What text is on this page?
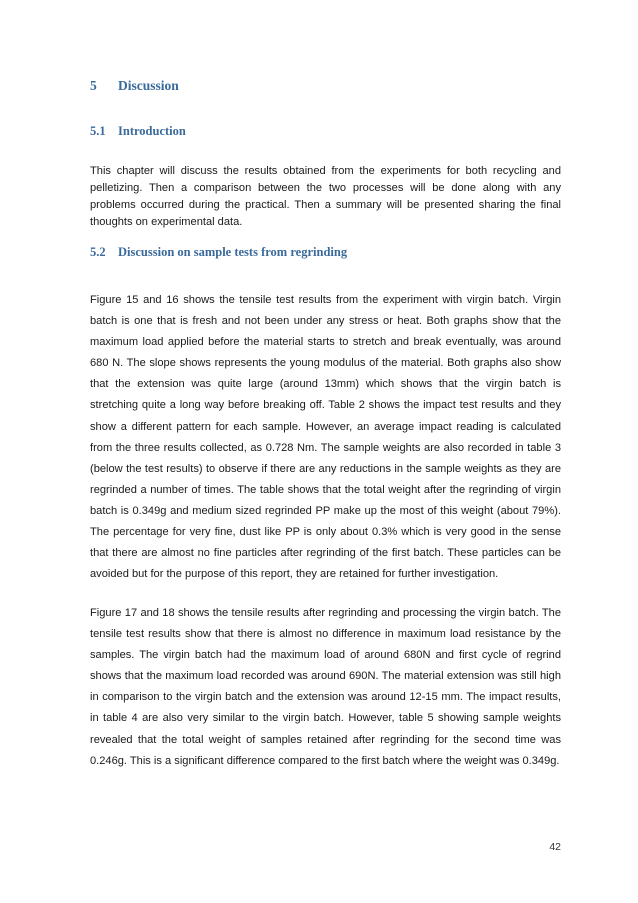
5 Discussion
5.1 Introduction

This chapter will discuss the results obtained from the experiments for both recycling and pelletizing. Then a comparison between the two processes will be done along with any problems occurred during the practical. Then a summary will be presented sharing the final thoughts on experimental data.

5.2 Discussion on sample tests from regrinding

Figure 15 and 16 shows the tensile test results from the experiment with virgin batch. Virgin batch is one that is fresh and not been under any stress or heat. Both graphs show that the maximum load applied before the material starts to stretch and break eventually, was around 680 N. The slope shows represents the young modulus of the material. Both graphs also show that the extension was quite large (around 13mm) which shows that the virgin batch is stretching quite a long way before breaking off. Table 2 shows the impact test results and they show a different pattern for each sample. However, an average impact reading is calculated from the three results collected, as 0.728 Nm. The sample weights are also recorded in table 3 (below the test results) to observe if there are any reductions in the sample weights as they are regrinded a number of times. The table shows that the total weight after the regrinding of virgin batch is 0.349g and medium sized regrinded PP make up the most of this weight (about 79%). The percentage for very fine, dust like PP is only about 0.3% which is very good in the sense that there are almost no fine particles after regrinding of the first batch. These particles can be avoided but for the purpose of this report, they are retained for further investigation.

Figure 17 and 18 shows the tensile results after regrinding and processing the virgin batch. The tensile test results show that there is almost no difference in maximum load resistance by the samples. The virgin batch had the maximum load of around 680N and first cycle of regrind shows that the maximum load recorded was around 690N. The material extension was still high in comparison to the virgin batch and the extension was around 12-15 mm. The impact results, in table 4 are also very similar to the virgin batch. However, table 5 showing sample weights revealed that the total weight of samples retained after regrinding for the second time was 0.246g. This is a significant difference compared to the first batch where the weight was 0.349g.

42
